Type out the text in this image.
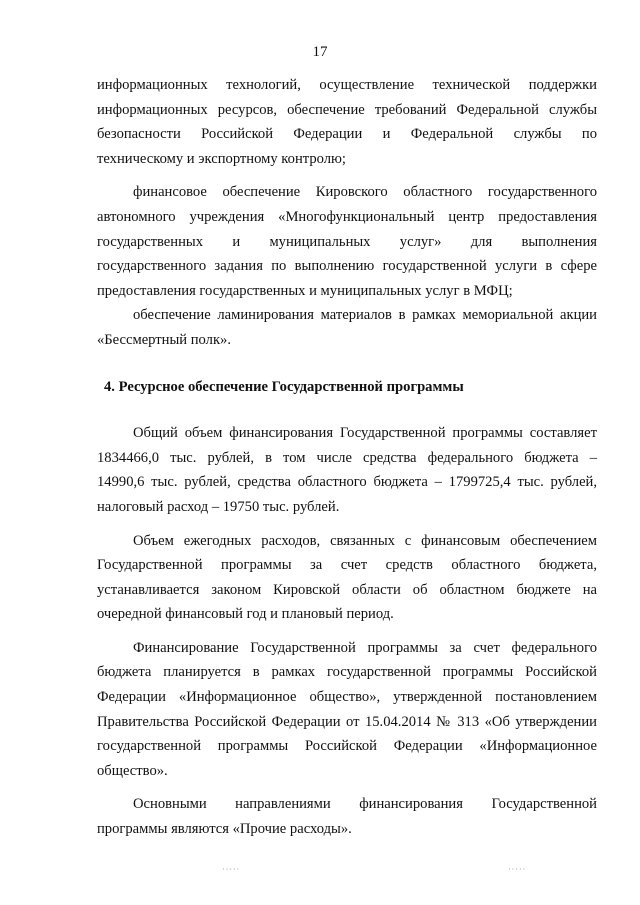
17
информационных технологий, осуществление технической поддержки
информационных ресурсов, обеспечение требований Федеральной службы
безопасности Российской Федерации и Федеральной службы по
техническому и экспортному контролю;
финансовое обеспечение Кировского областного государственного
автономного учреждения «Многофункциональный центр предоставления
государственных и муниципальных услуг» для выполнения
государственного задания по выполнению государственной услуги в сфере
предоставления государственных и муниципальных услуг в МФЦ;
обеспечение ламинирования материалов в рамках мемориальной акции
«Бессмертный полк».
4. Ресурсное обеспечение Государственной программы
Общий объем финансирования Государственной программы составляет
1834466,0 тыс. рублей, в том числе средства федерального бюджета –
14990,6 тыс. рублей, средства областного бюджета – 1799725,4 тыс. рублей,
налоговый расход – 19750 тыс. рублей.
Объем ежегодных расходов, связанных с финансовым обеспечением
Государственной программы за счет средств областного бюджета,
устанавливается законом Кировской области об областном бюджете на
очередной финансовый год и плановый период.
Финансирование Государственной программы за счет федерального
бюджета планируется в рамках государственной программы Российской
Федерации «Информационное общество», утвержденной постановлением
Правительства Российской Федерации от 15.04.2014 № 313 «Об утверждении
государственной программы Российской Федерации «Информационное
общество».
Основными направлениями финансирования Государственной
программы являются «Прочие расходы».
·····	·····
